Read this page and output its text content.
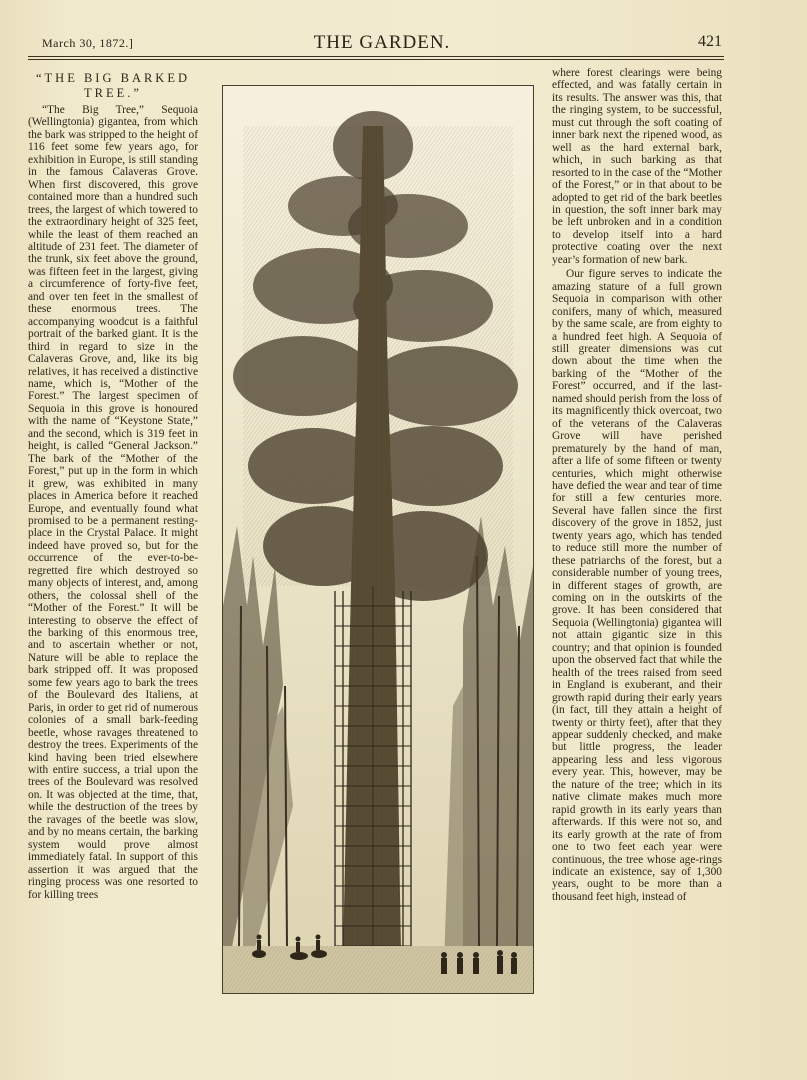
March 30, 1872.]	THE GARDEN.	421
“THE BIG BARKED TREE.”

“The Big Tree,” Sequoia (Wellingtonia) gigantea, from which the bark was stripped to the height of 116 feet some few years ago, for exhibition in Europe, is still standing in the famous Calaveras Grove. When first discovered, this grove contained more than a hundred such trees, the largest of which towered to the extraordinary height of 325 feet, while the least of them reached an altitude of 231 feet. The diameter of the trunk, six feet above the ground, was fifteen feet in the largest, giving a circumference of forty-five feet, and over ten feet in the smallest of these enormous trees. The accompanying woodcut is a faithful portrait of the barked giant. It is the third in regard to size in the Calaveras Grove, and, like its big relatives, it has received a distinctive name, which is, “Mother of the Forest.” The largest specimen of Sequoia in this grove is honoured with the name of “Keystone State,” and the second, which is 319 feet in height, is called “General Jackson.” The bark of the “Mother of the Forest,” put up in the form in which it grew, was exhibited in many places in America before it reached Europe, and eventually found what promised to be a permanent resting-place in the Crystal Palace. It might indeed have proved so, but for the occurrence of the ever-to-be-regretted fire which destroyed so many objects of interest, and, among others, the colossal shell of the “Mother of the Forest.” It will be interesting to observe the effect of the barking of this enormous tree, and to ascertain whether or not, Nature will be able to replace the bark stripped off. It was proposed some few years ago to bark the trees of the Boulevard des Italiens, at Paris, in order to get rid of numerous colonies of a small bark-feeding beetle, whose ravages threatened to destroy the trees. Experiments of the kind having been tried elsewhere with entire success, a trial upon the trees of the Boulevard was resolved on. It was objected at the time, that, while the destruction of the trees by the ravages of the beetle was slow, and by no means certain, the barking system would prove almost immediately fatal. In support of this assertion it was argued that the ringing process was one resorted to for killing trees

where forest clearings were being effected, and was fatally certain in its results. The answer was this, that the ringing system, to be successful, must cut through the soft coating of inner bark next the ripened wood, as well as the hard external bark, which, in such barking as that resorted to in the case of the “Mother of the Forest,” or in that about to be adopted to get rid of the bark beetles in question, the soft inner bark may be left unbroken and in a condition to develop itself into a hard protective coating over the next year’s formation of new bark.

Our figure serves to indicate the amazing stature of a full grown Sequoia in comparison with other conifers, many of which, measured by the same scale, are from eighty to a hundred feet high. A Sequoia of still greater dimensions was cut down about the time when the barking of the “Mother of the Forest” occurred, and if the last-named should perish from the loss of its magnificently thick overcoat, two of the veterans of the Calaveras Grove will have perished prematurely by the hand of man, after a life of some fifteen or twenty centuries, which might otherwise have defied the wear and tear of time for still a few centuries more. Several have fallen since the first discovery of the grove in 1852, just twenty years ago, which has tended to reduce still more the number of these patriarchs of the forest, but a considerable number of young trees, in different stages of growth, are coming on in the outskirts of the grove. It has been considered that Sequoia (Wellingtonia) gigantea will not attain gigantic size in this country; and that opinion is founded upon the observed fact that while the health of the trees raised from seed in England is exuberant, and their growth rapid during their early years (in fact, till they attain a height of twenty or thirty feet), after that they appear suddenly checked, and make but little progress, the leader appearing less and less vigorous every year. This, however, may be the nature of the tree; which in its native climate makes much more rapid growth in its early years than afterwards. If this were not so, and its early growth at the rate of from one to two feet each year were continuous, the tree whose age-rings indicate an existence, say of 1,300 years, ought to be more than a thousand feet high, instead of
